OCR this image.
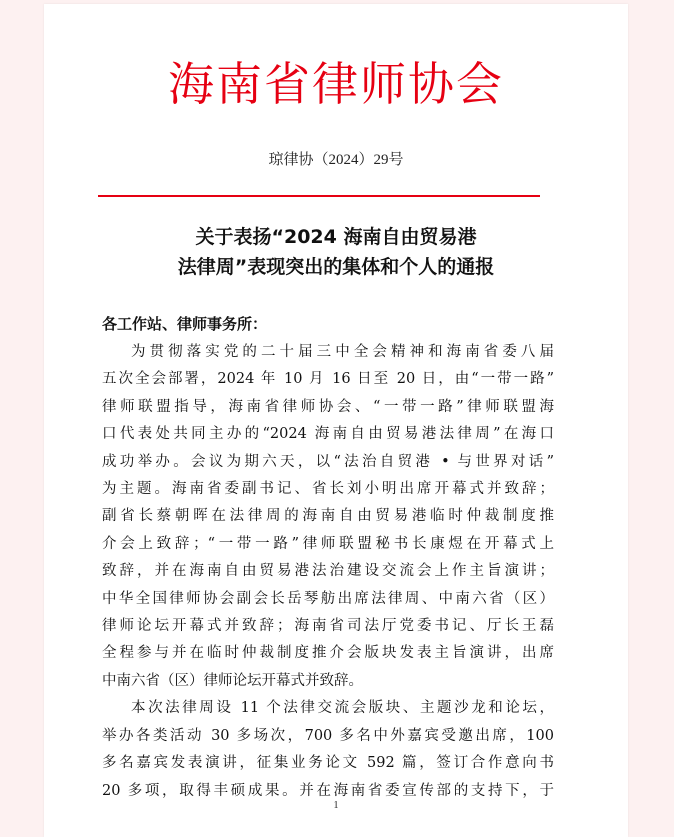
海南省律师协会
琼律协（2024）29号
关于表扬“2024 海南自由贸易港
法律周”表现突出的集体和个人的通报
各工作站、律师事务所：
为贯彻落实党的二十届三中全会精神和海南省委八届
五次全会部署，2024 年 10 月 16 日至 20 日，由“一带一路”
律师联盟指导，海南省律师协会、“一带一路”律师联盟海
口代表处共同主办的“2024 海南自由贸易港法律周”在海口
成功举办。会议为期六天，以“法治自贸港 • 与世界对话”
为主题。海南省委副书记、省长刘小明出席开幕式并致辞；
副省长蔡朝晖在法律周的海南自由贸易港临时仲裁制度推
介会上致辞；“一带一路”律师联盟秘书长康煜在开幕式上
致辞，并在海南自由贸易港法治建设交流会上作主旨演讲；
中华全国律师协会副会长岳琴舫出席法律周、中南六省（区）
律师论坛开幕式并致辞；海南省司法厅党委书记、厅长王磊
全程参与并在临时仲裁制度推介会版块发表主旨演讲，出席
中南六省（区）律师论坛开幕式并致辞。
本次法律周设 11 个法律交流会版块、主题沙龙和论坛，
举办各类活动 30 多场次，700 多名中外嘉宾受邀出席，100
多名嘉宾发表演讲，征集业务论文 592 篇，签订合作意向书
20 多项，取得丰硕成果。并在海南省委宣传部的支持下，于
1
